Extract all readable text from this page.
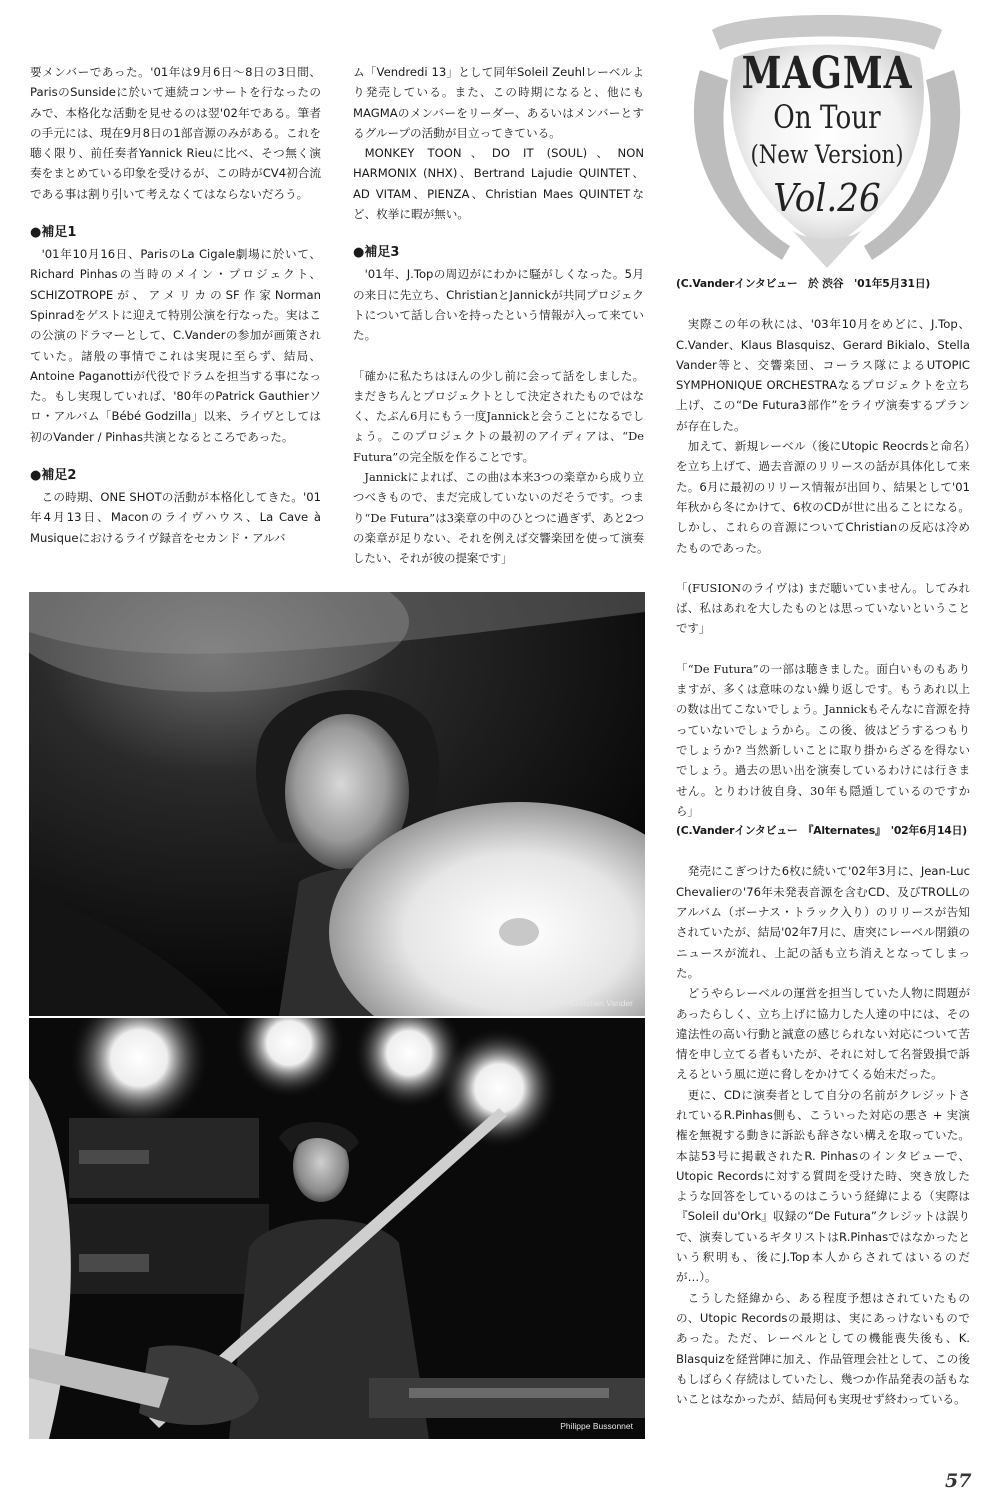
要メンバーであった。'01年は9月6日〜8日の3日間、ParisのSunsideに於いて連続コンサートを行なったのみで、本格化な活動を見せるのは翌'02年である。筆者の手元には、現在9月8日の1部音源のみがある。これを聴く限り、前任奏者Yannick Rieuに比べ、そつ無く演奏をまとめている印象を受けるが、この時がCV4初合流である事は割り引いて考えなくてはならないだろう。

●補足1

'01年10月16日、ParisのLa Cigale劇場に於いて、Richard Pinhasの当時のメイン・プロジェクト、SCHIZOTROPEが、アメリカのSF作家Norman Spinradをゲストに迎えて特別公演を行なった。実はこの公演のドラマーとして、C.Vanderの参加が画策されていた。諸般の事情でこれは実現に至らず、結局、Antoine Paganottiが代役でドラムを担当する事になった。もし実現していれば、'80年のPatrick Gauthierソロ・アルバム「Bébé Godzilla」以来、ライヴとしては初のVander / Pinhas共演となるところであった。

●補足2

この時期、ONE SHOTの活動が本格化してきた。'01年4月13日、Maconのライヴハウス、La Cave à Musiqueにおけるライヴ録音をセカンド・アルバ

ム「Vendredi 13」として同年Soleil Zeuhlレーベルより発売している。また、この時期になると、他にもMAGMAのメンバーをリーダー、あるいはメンバーとするグループの活動が目立ってきている。

MONKEY TOON、DO IT (SOUL)、NON HARMONIX (NHX)、Bertrand Lajudie QUINTET、AD VITAM、PIENZA、Christian Maes QUINTETなど、枚挙に暇が無い。

●補足3

'01年、J.Topの周辺がにわかに騒がしくなった。5月の来日に先立ち、ChristianとJannickが共同プロジェクトについて話し合いを持ったという情報が入って来ていた。

「確かに私たちはほんの少し前に会って話をしました。まだきちんとプロジェクトとして決定されたものではなく、たぶん6月にもう一度Jannickと会うことになるでしょう。このプロジェクトの最初のアイディアは、“De Futura”の完全版を作ることです。

Jannickによれば、この曲は本来3つの楽章から成り立つべきもので、まだ完成していないのだそうです。つまり“De Futura”は3楽章の中のひとつに過ぎず、あと2つの楽章が足りない、それを例えば交響楽団を使って演奏したい、それが彼の提案です」

(C.Vanderインタビュー　於 渋谷　'01年5月31日)

実際この年の秋には、'03年10月をめどに、J.Top、C.Vander、Klaus Blasquisz、Gerard Bikialo、Stella Vander等と、交響楽団、コーラス隊によるUTOPIC SYMPHONIQUE ORCHESTRAなるプロジェクトを立ち上げ、この“De Futura3部作”をライヴ演奏するプランが存在した。

加えて、新規レーベル（後にUtopic Reocrdsと命名）を立ち上げて、過去音源のリリースの話が具体化して来た。6月に最初のリリース情報が出回り、結果として'01年秋から冬にかけて、6枚のCDが世に出ることになる。しかし、これらの音源についてChristianの反応は冷めたものであった。

「(FUSIONのライヴは) まだ聴いていません。してみれば、私はあれを大したものとは思っていないということです」

「“De Futura”の一部は聴きました。面白いものもありますが、多くは意味のない繰り返しです。もうあれ以上の数は出てこないでしょう。Jannickもそんなに音源を持っていないでしょうから。この後、彼はどうするつもりでしょうか? 当然新しいことに取り掛からざるを得ないでしょう。過去の思い出を演奏しているわけには行きません。とりわけ彼自身、30年も隠遁しているのですから」

(C.Vanderインタビュー　『Alternates』　'02年6月14日)

発売にこぎつけた6枚に続いて'02年3月に、Jean-Luc Chevalierの'76年未発表音源を含むCD、及びTROLLのアルバム（ボーナス・トラック入り）のリリースが告知されていたが、結局'02年7月に、唐突にレーベル閉鎖のニュースが流れ、上記の話も立ち消えとなってしまった。

どうやらレーベルの運営を担当していた人物に問題があったらしく、立ち上げに協力した人達の中には、その違法性の高い行動と誠意の感じられない対応について苦情を申し立てる者もいたが、それに対して名誉毀損で訴えるという風に逆に脅しをかけてくる始末だった。

更に、CDに演奏者として自分の名前がクレジットされているR.Pinhas側も、こういった対応の悪さ + 実演権を無視する動きに訴訟も辞さない構えを取っていた。本誌53号に掲載されたR. Pinhasのインタビューで、Utopic Recordsに対する質問を受けた時、突き放したような回答をしているのはこういう経緯による（実際は『Soleil du'Ork』収録の“De Futura”クレジットは誤りで、演奏しているギタリストはR.Pinhasではなかったという釈明も、後にJ.Top本人からされてはいるのだが…）。

こうした経緯から、ある程度予想はされていたものの、Utopic Recordsの最期は、実にあっけないものであった。ただ、レーベルとしての機能喪失後も、K. Blasquizを経営陣に加え、作品管理会社として、この後もしばらく存続はしていたし、幾つか作品発表の話もないことはなかったが、結局何も実現せず終わっている。

MAGMA
On Tour
(New Version)
Vol.26
Christian Vander
Philippe Bussonnet
57
